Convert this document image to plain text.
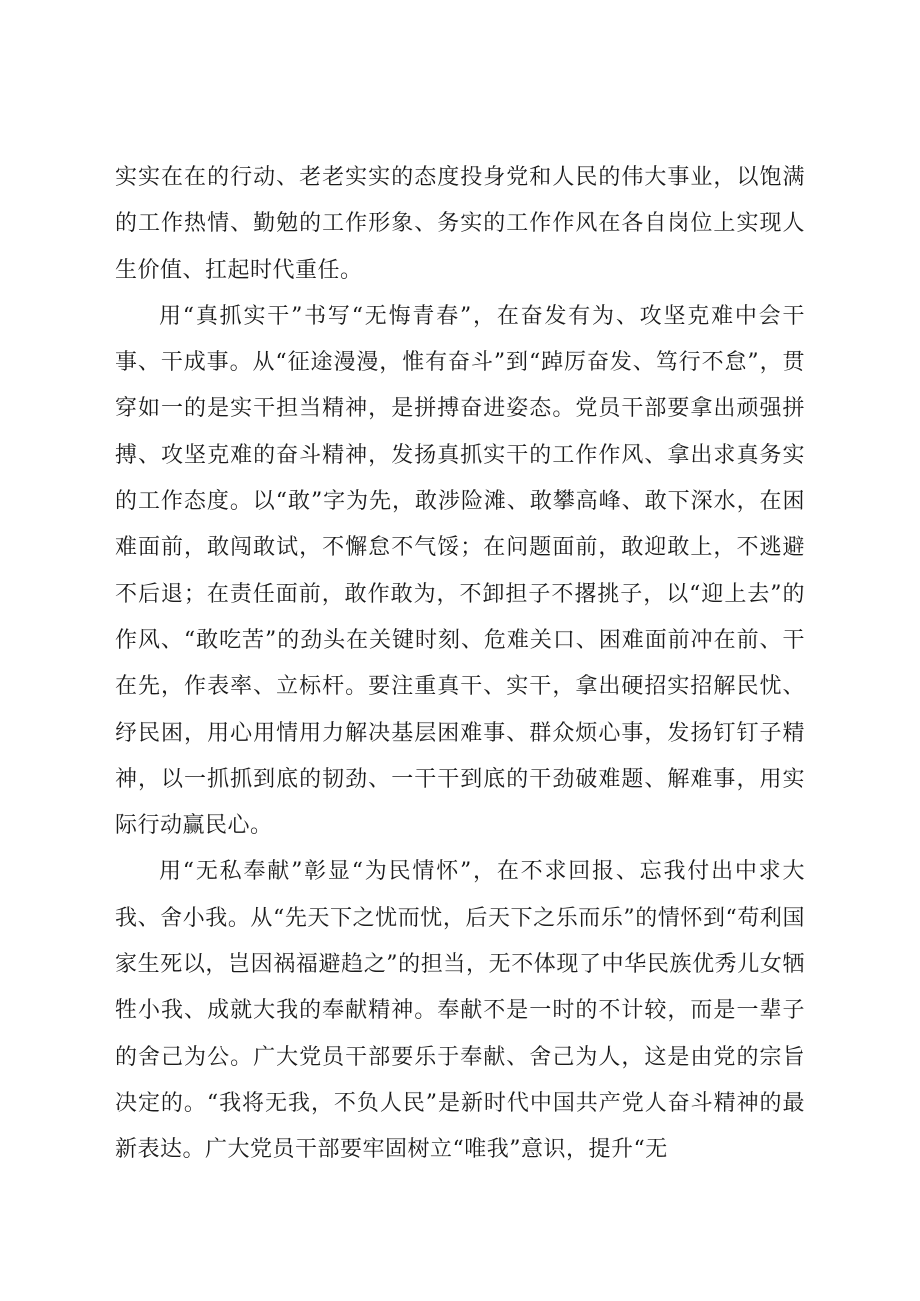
实实在在的行动、老老实实的态度投身党和人民的伟大事业，以饱满的工作热情、勤勉的工作形象、务实的工作作风在各自岗位上实现人生价值、扛起时代重任。

用“真抓实干”书写“无悔青春”，在奋发有为、攻坚克难中会干事、干成事。从“征途漫漫，惟有奋斗”到“踔厉奋发、笃行不怠”，贯穿如一的是实干担当精神，是拼搏奋进姿态。党员干部要拿出顽强拼搏、攻坚克难的奋斗精神，发扬真抓实干的工作作风、拿出求真务实的工作态度。以“敢”字为先，敢涉险滩、敢攀高峰、敢下深水，在困难面前，敢闯敢试，不懈怠不气馁；在问题面前，敢迎敢上，不逃避不后退；在责任面前，敢作敢为，不卸担子不撂挑子，以“迎上去”的作风、“敢吃苦”的劲头在关键时刻、危难关口、困难面前冲在前、干在先，作表率、立标杆。要注重真干、实干，拿出硬招实招解民忧、纾民困，用心用情用力解决基层困难事、群众烦心事，发扬钉钉子精神，以一抓抓到底的韧劲、一干干到底的干劲破难题、解难事，用实际行动赢民心。

用“无私奉献”彰显“为民情怀”，在不求回报、忘我付出中求大我、舍小我。从“先天下之忧而忧，后天下之乐而乐”的情怀到“苟利国家生死以，岂因祸福避趋之”的担当，无不体现了中华民族优秀儿女牺牲小我、成就大我的奉献精神。奉献不是一时的不计较，而是一辈子的舍己为公。广大党员干部要乐于奉献、舍己为人，这是由党的宗旨决定的。“我将无我，不负人民”是新时代中国共产党人奋斗精神的最新表达。广大党员干部要牢固树立“唯我”意识，提升“无
